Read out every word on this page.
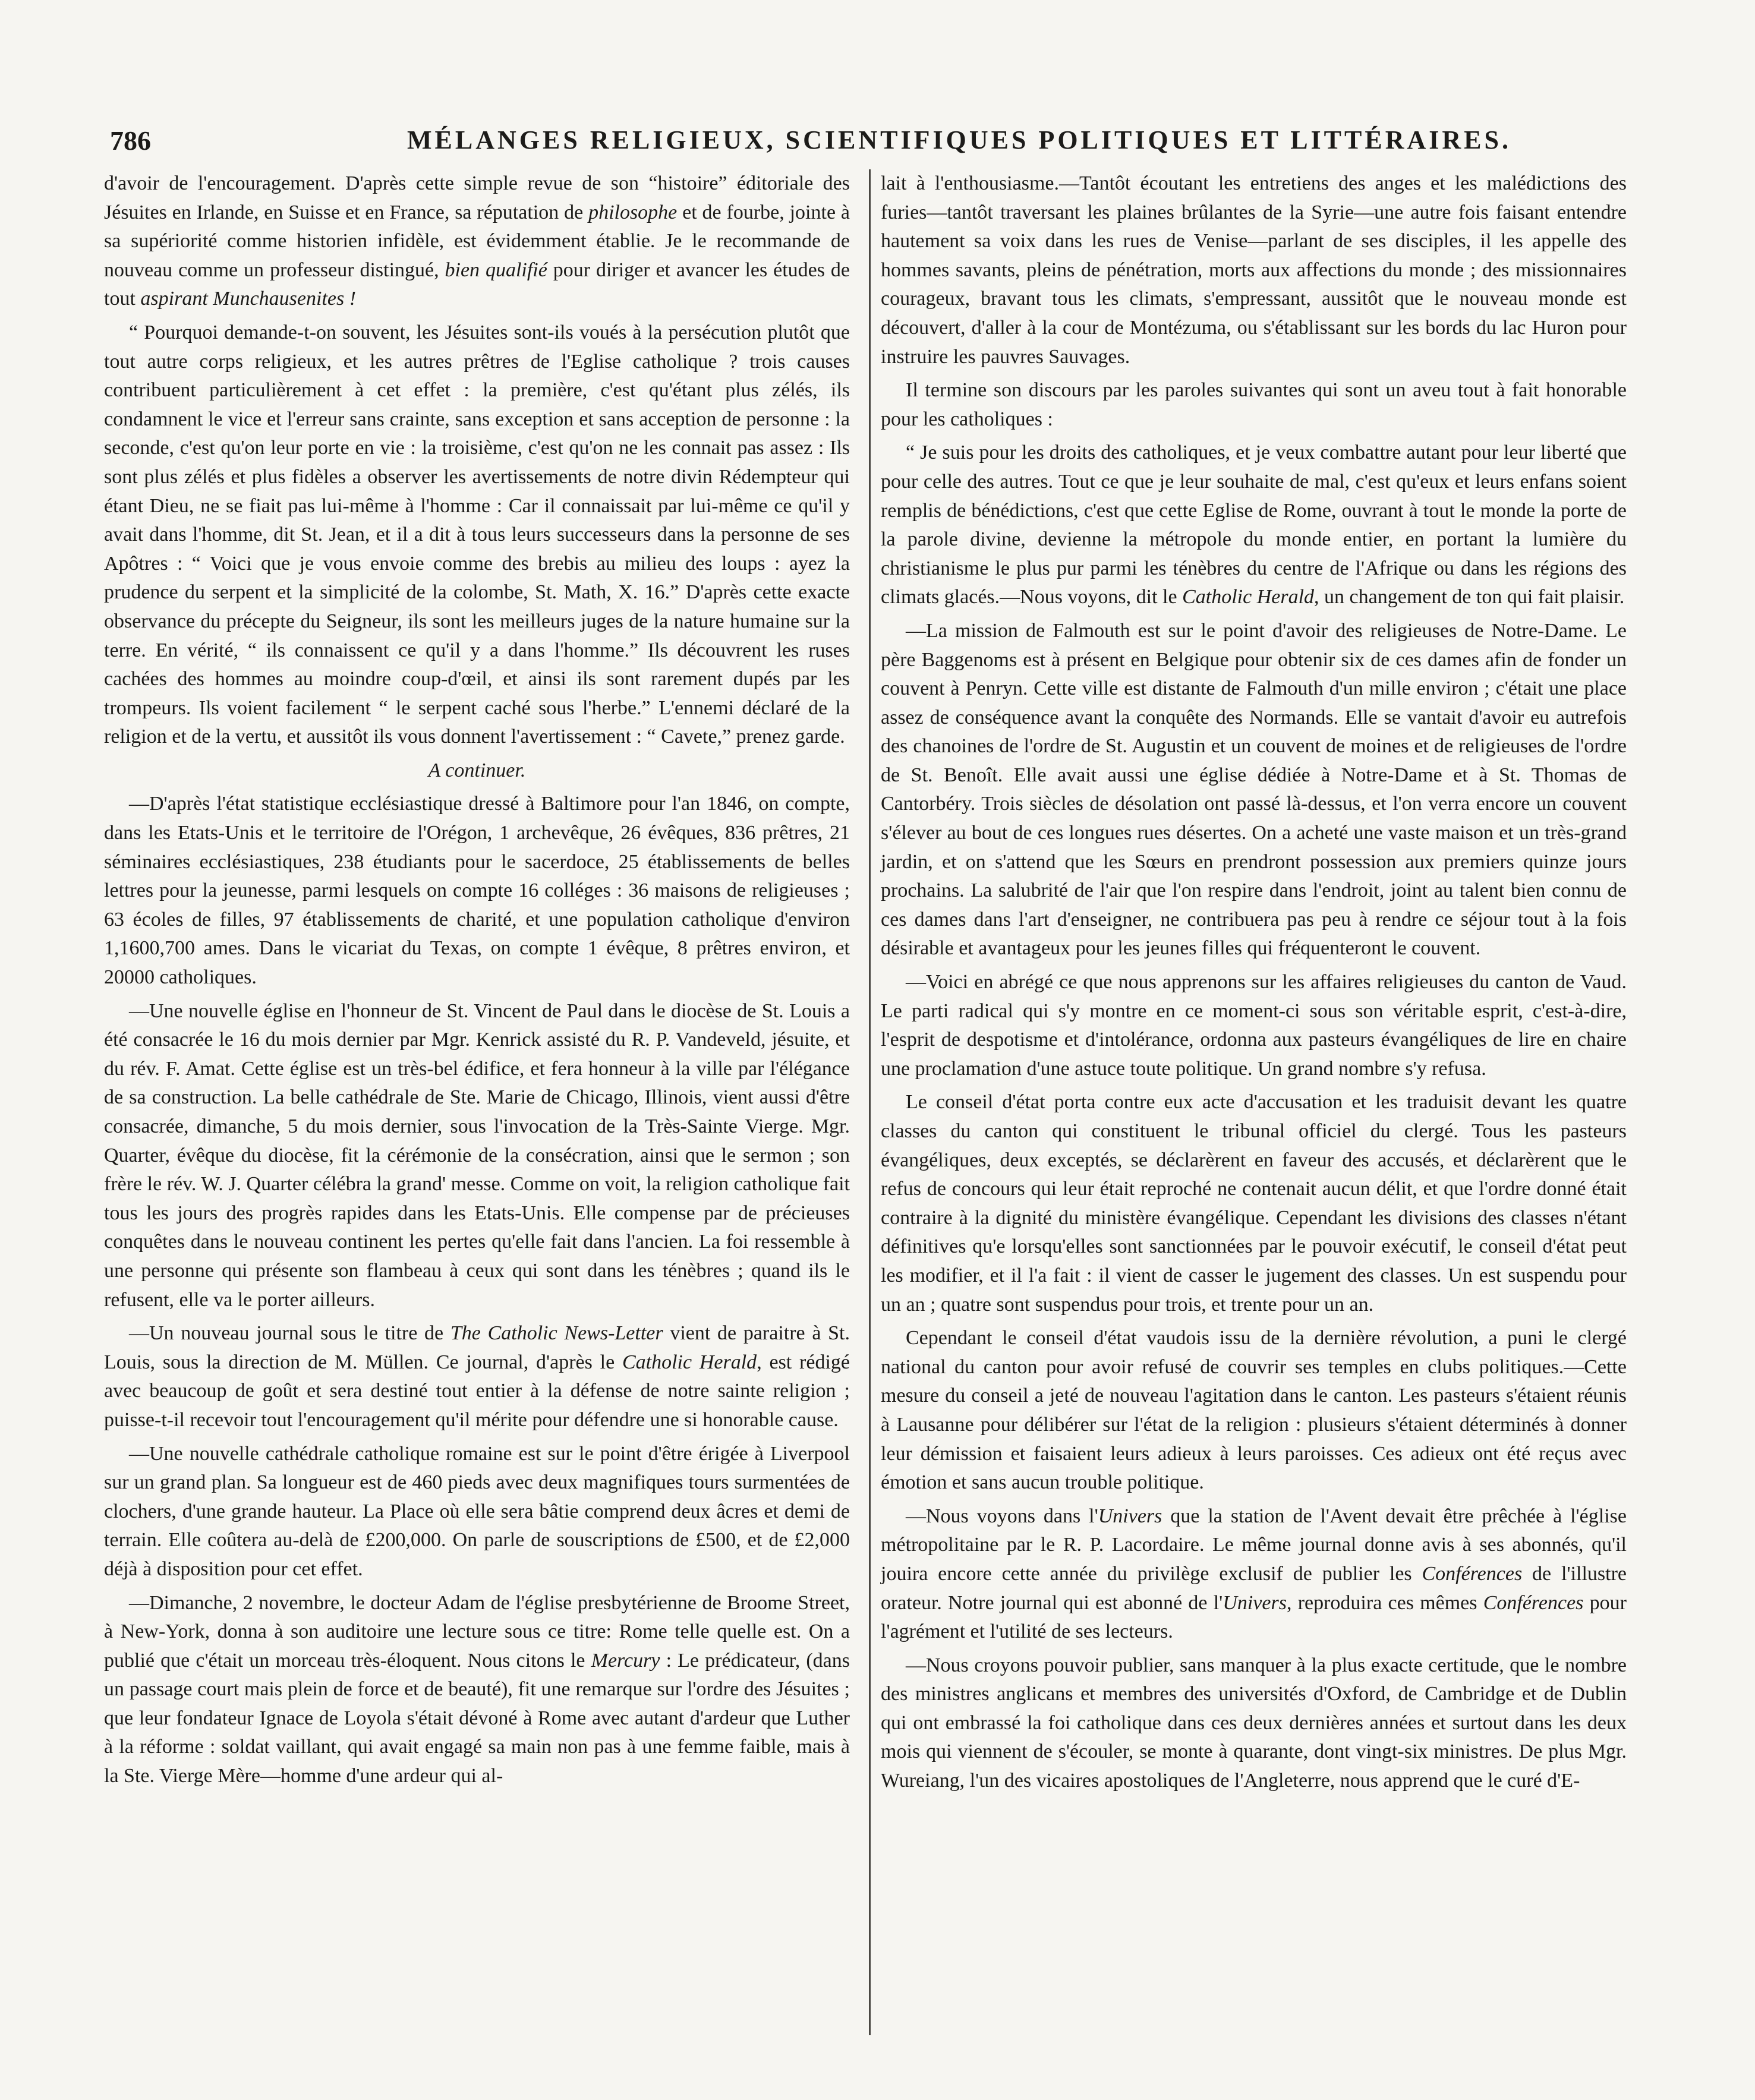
786	MÉLANGES RELIGIEUX, SCIENTIFIQUES POLITIQUES ET LITTÉRAIRES.

d'avoir de l'encouragement. D'après cette simple revue de son “histoire” éditoriale des Jésuites en Irlande, en Suisse et en France, sa réputation de philosophe et de fourbe, jointe à sa supériorité comme historien infidèle, est évidemment établie. Je le recommande de nouveau comme un professeur distingué, bien qualifié pour diriger et avancer les études de tout aspirant Munchausenites !

“ Pourquoi demande-t-on souvent, les Jésuites sont-ils voués à la persécution plutôt que tout autre corps religieux, et les autres prêtres de l'Eglise catholique ? trois causes contribuent particulièrement à cet effet : la première, c'est qu'étant plus zélés, ils condamnent le vice et l'erreur sans crainte, sans exception et sans acception de personne : la seconde, c'est qu'on leur porte en vie : la troisième, c'est qu'on ne les connait pas assez : Ils sont plus zélés et plus fidèles a observer les avertissements de notre divin Rédempteur qui étant Dieu, ne se fiait pas lui-même à l'homme : Car il connaissait par lui-même ce qu'il y avait dans l'homme, dit St. Jean, et il a dit à tous leurs successeurs dans la personne de ses Apôtres : “ Voici que je vous envoie comme des brebis au milieu des loups : ayez la prudence du serpent et la simplicité de la colombe, St. Math, X. 16.” D'après cette exacte observance du précepte du Seigneur, ils sont les meilleurs juges de la nature humaine sur la terre. En vérité, “ ils connaissent ce qu'il y a dans l'homme.” Ils découvrent les ruses cachées des hommes au moindre coup-d'œil, et ainsi ils sont rarement dupés par les trompeurs. Ils voient facilement “ le serpent caché sous l'herbe.” L'ennemi déclaré de la religion et de la vertu, et aussitôt ils vous donnent l'avertissement : “ Cavete,” prenez garde.

A continuer.

—D'après l'état statistique ecclésiastique dressé à Baltimore pour l'an 1846, on compte, dans les Etats-Unis et le territoire de l'Orégon, 1 archevêque, 26 évêques, 836 prêtres, 21 séminaires ecclésiastiques, 238 étudiants pour le sacerdoce, 25 établissements de belles lettres pour la jeunesse, parmi lesquels on compte 16 colléges : 36 maisons de religieuses ; 63 écoles de filles, 97 établissements de charité, et une population catholique d'environ 1,1600,700 ames. Dans le vicariat du Texas, on compte 1 évêque, 8 prêtres environ, et 20000 catholiques.

—Une nouvelle église en l'honneur de St. Vincent de Paul dans le diocèse de St. Louis a été consacrée le 16 du mois dernier par Mgr. Kenrick assisté du R. P. Vandeveld, jésuite, et du rév. F. Amat. Cette église est un très-bel édifice, et fera honneur à la ville par l'élégance de sa construction. La belle cathédrale de Ste. Marie de Chicago, Illinois, vient aussi d'être consacrée, dimanche, 5 du mois dernier, sous l'invocation de la Très-Sainte Vierge. Mgr. Quarter, évêque du diocèse, fit la cérémonie de la consécration, ainsi que le sermon ; son frère le rév. W. J. Quarter célébra la grand' messe. Comme on voit, la religion catholique fait tous les jours des progrès rapides dans les Etats-Unis. Elle compense par de précieuses conquêtes dans le nouveau continent les pertes qu'elle fait dans l'ancien. La foi ressemble à une personne qui présente son flambeau à ceux qui sont dans les ténèbres ; quand ils le refusent, elle va le porter ailleurs.

—Un nouveau journal sous le titre de The Catholic News-Letter vient de paraitre à St. Louis, sous la direction de M. Müllen. Ce journal, d'après le Catholic Herald, est rédigé avec beaucoup de goût et sera destiné tout entier à la défense de notre sainte religion ; puisse-t-il recevoir tout l'encouragement qu'il mérite pour défendre une si honorable cause.

—Une nouvelle cathédrale catholique romaine est sur le point d'être érigée à Liverpool sur un grand plan. Sa longueur est de 460 pieds avec deux magnifiques tours surmentées de clochers, d'une grande hauteur. La Place où elle sera bâtie comprend deux âcres et demi de terrain. Elle coûtera au-delà de £200,000. On parle de souscriptions de £500, et de £2,000 déjà à disposition pour cet effet.

—Dimanche, 2 novembre, le docteur Adam de l'église presbytérienne de Broome Street, à New-York, donna à son auditoire une lecture sous ce titre: Rome telle quelle est. On a publié que c'était un morceau très-éloquent. Nous citons le Mercury : Le prédicateur, (dans un passage court mais plein de force et de beauté), fit une remarque sur l'ordre des Jésuites ; que leur fondateur Ignace de Loyola s'était dévoné à Rome avec autant d'ardeur que Luther à la réforme : soldat vaillant, qui avait engagé sa main non pas à une femme faible, mais à la Ste. Vierge Mère—homme d'une ardeur qui al-

lait à l'enthousiasme.—Tantôt écoutant les entretiens des anges et les malédictions des furies—tantôt traversant les plaines brûlantes de la Syrie—une autre fois faisant entendre hautement sa voix dans les rues de Venise—parlant de ses disciples, il les appelle des hommes savants, pleins de pénétration, morts aux affections du monde ; des missionnaires courageux, bravant tous les climats, s'empressant, aussitôt que le nouveau monde est découvert, d'aller à la cour de Montézuma, ou s'établissant sur les bords du lac Huron pour instruire les pauvres Sauvages.

Il termine son discours par les paroles suivantes qui sont un aveu tout à fait honorable pour les catholiques :

“ Je suis pour les droits des catholiques, et je veux combattre autant pour leur liberté que pour celle des autres. Tout ce que je leur souhaite de mal, c'est qu'eux et leurs enfans soient remplis de bénédictions, c'est que cette Eglise de Rome, ouvrant à tout le monde la porte de la parole divine, devienne la métropole du monde entier, en portant la lumière du christianisme le plus pur parmi les ténèbres du centre de l'Afrique ou dans les régions des climats glacés.—Nous voyons, dit le Catholic Herald, un changement de ton qui fait plaisir.

—La mission de Falmouth est sur le point d'avoir des religieuses de Notre-Dame. Le père Baggenoms est à présent en Belgique pour obtenir six de ces dames afin de fonder un couvent à Penryn. Cette ville est distante de Falmouth d'un mille environ ; c'était une place assez de conséquence avant la conquête des Normands. Elle se vantait d'avoir eu autrefois des chanoines de l'ordre de St. Augustin et un couvent de moines et de religieuses de l'ordre de St. Benoît. Elle avait aussi une église dédiée à Notre-Dame et à St. Thomas de Cantorbéry. Trois siècles de désolation ont passé là-dessus, et l'on verra encore un couvent s'élever au bout de ces longues rues désertes. On a acheté une vaste maison et un très-grand jardin, et on s'attend que les Sœurs en prendront possession aux premiers quinze jours prochains. La salubrité de l'air que l'on respire dans l'endroit, joint au talent bien connu de ces dames dans l'art d'enseigner, ne contribuera pas peu à rendre ce séjour tout à la fois désirable et avantageux pour les jeunes filles qui fréquenteront le couvent.

—Voici en abrégé ce que nous apprenons sur les affaires religieuses du canton de Vaud. Le parti radical qui s'y montre en ce moment-ci sous son véritable esprit, c'est-à-dire, l'esprit de despotisme et d'intolérance, ordonna aux pasteurs évangéliques de lire en chaire une proclamation d'une astuce toute politique. Un grand nombre s'y refusa.

Le conseil d'état porta contre eux acte d'accusation et les traduisit devant les quatre classes du canton qui constituent le tribunal officiel du clergé. Tous les pasteurs évangéliques, deux exceptés, se déclarèrent en faveur des accusés, et déclarèrent que le refus de concours qui leur était reproché ne contenait aucun délit, et que l'ordre donné était contraire à la dignité du ministère évangélique. Cependant les divisions des classes n'étant définitives qu'e lorsqu'elles sont sanctionnées par le pouvoir exécutif, le conseil d'état peut les modifier, et il l'a fait : il vient de casser le jugement des classes. Un est suspendu pour un an ; quatre sont suspendus pour trois, et trente pour un an.

Cependant le conseil d'état vaudois issu de la dernière révolution, a puni le clergé national du canton pour avoir refusé de couvrir ses temples en clubs politiques.—Cette mesure du conseil a jeté de nouveau l'agitation dans le canton. Les pasteurs s'étaient réunis à Lausanne pour délibérer sur l'état de la religion : plusieurs s'étaient déterminés à donner leur démission et faisaient leurs adieux à leurs paroisses. Ces adieux ont été reçus avec émotion et sans aucun trouble politique.

—Nous voyons dans l'Univers que la station de l'Avent devait être prêchée à l'église métropolitaine par le R. P. Lacordaire. Le même journal donne avis à ses abonnés, qu'il jouira encore cette année du privilège exclusif de publier les Conférences de l'illustre orateur. Notre journal qui est abonné de l'Univers, reproduira ces mêmes Conférences pour l'agrément et l'utilité de ses lecteurs.

—Nous croyons pouvoir publier, sans manquer à la plus exacte certitude, que le nombre des ministres anglicans et membres des universités d'Oxford, de Cambridge et de Dublin qui ont embrassé la foi catholique dans ces deux dernières années et surtout dans les deux mois qui viennent de s'écouler, se monte à quarante, dont vingt-six ministres. De plus Mgr. Wureiang, l'un des vicaires apostoliques de l'Angleterre, nous apprend que le curé d'E-
